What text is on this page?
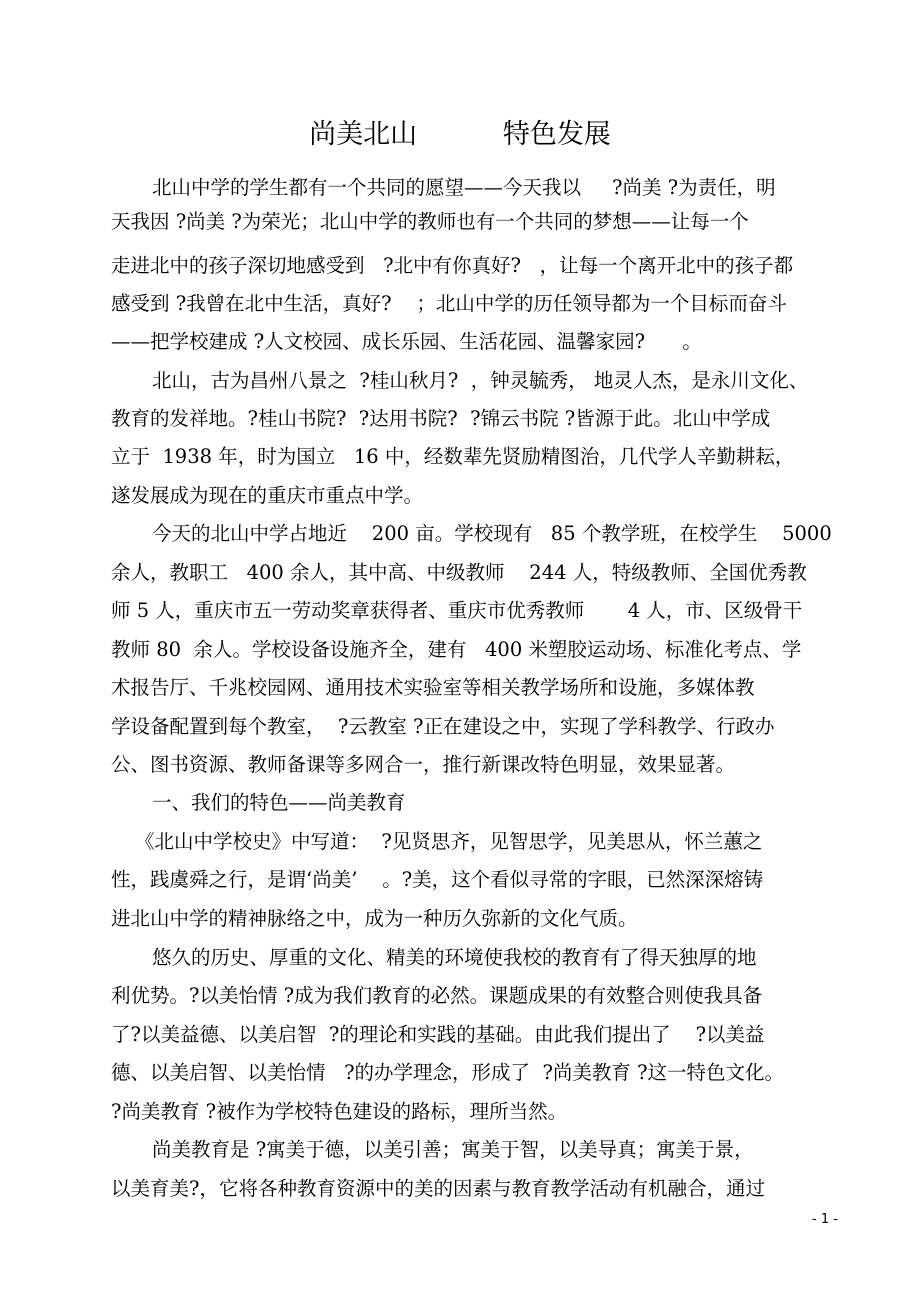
尚美北山          特色发展
北山中学的学生都有一个共同的愿望——今天我以     ?尚美 ?为责任，明
天我因 ?尚美 ?为荣光；北山中学的教师也有一个共同的梦想——让每一个
走进北中的孩子深切地感受到   ?北中有你真好?   ，让每一个离开北中的孩子都
感受到 ?我曾在北中生活，真好?    ；北山中学的历任领导都为一个目标而奋斗
——把学校建成 ?人文校园、成长乐园、生活花园、温馨家园?      。
北山，古为昌州八景之  ?桂山秋月?  ，钟灵毓秀， 地灵人杰，是永川文化、
教育的发祥地。?桂山书院?  ?达用书院?  ?锦云书院 ?皆源于此。北山中学成
立于  1938 年，时为国立   16 中，经数辈先贤励精图治，几代学人辛勤耕耘，
遂发展成为现在的重庆市重点中学。
今天的北山中学占地近    200 亩。学校现有   85 个教学班，在校学生    5000
余人，教职工   400 余人，其中高、中级教师    244 人，特级教师、全国优秀教
师 5 人，重庆市五一劳动奖章获得者、重庆市优秀教师       4 人，市、区级骨干
教师 80  余人。学校设备设施齐全，建有   400 米塑胶运动场、标准化考点、学
术报告厅、千兆校园网、通用技术实验室等相关教学场所和设施，多媒体教
学设备配置到每个教室，  ?云教室 ?正在建设之中，实现了学科教学、行政办
公、图书资源、教师备课等多网合一，推行新课改特色明显，效果显著。
一、我们的特色——尚美教育
《北山中学校史》中写道：  ?见贤思齐，见智思学，见美思从，怀兰蕙之
性，践虞舜之行，是谓‘尚美’    。?美，这个看似寻常的字眼，已然深深熔铸
进北山中学的精神脉络之中，成为一种历久弥新的文化气质。
悠久的历史、厚重的文化、精美的环境使我校的教育有了得天独厚的地
利优势。?以美怡情 ?成为我们教育的必然。课题成果的有效整合则使我具备
了?以美益德、以美启智  ?的理论和实践的基础。由此我们提出了    ?以美益
德、以美启智、以美怡情   ?的办学理念，形成了  ?尚美教育 ?这一特色文化。
?尚美教育 ?被作为学校特色建设的路标，理所当然。
尚美教育是 ?寓美于德，以美引善；寓美于智，以美导真；寓美于景，
以美育美?，它将各种教育资源中的美的因素与教育教学活动有机融合，通过
- 1 -
